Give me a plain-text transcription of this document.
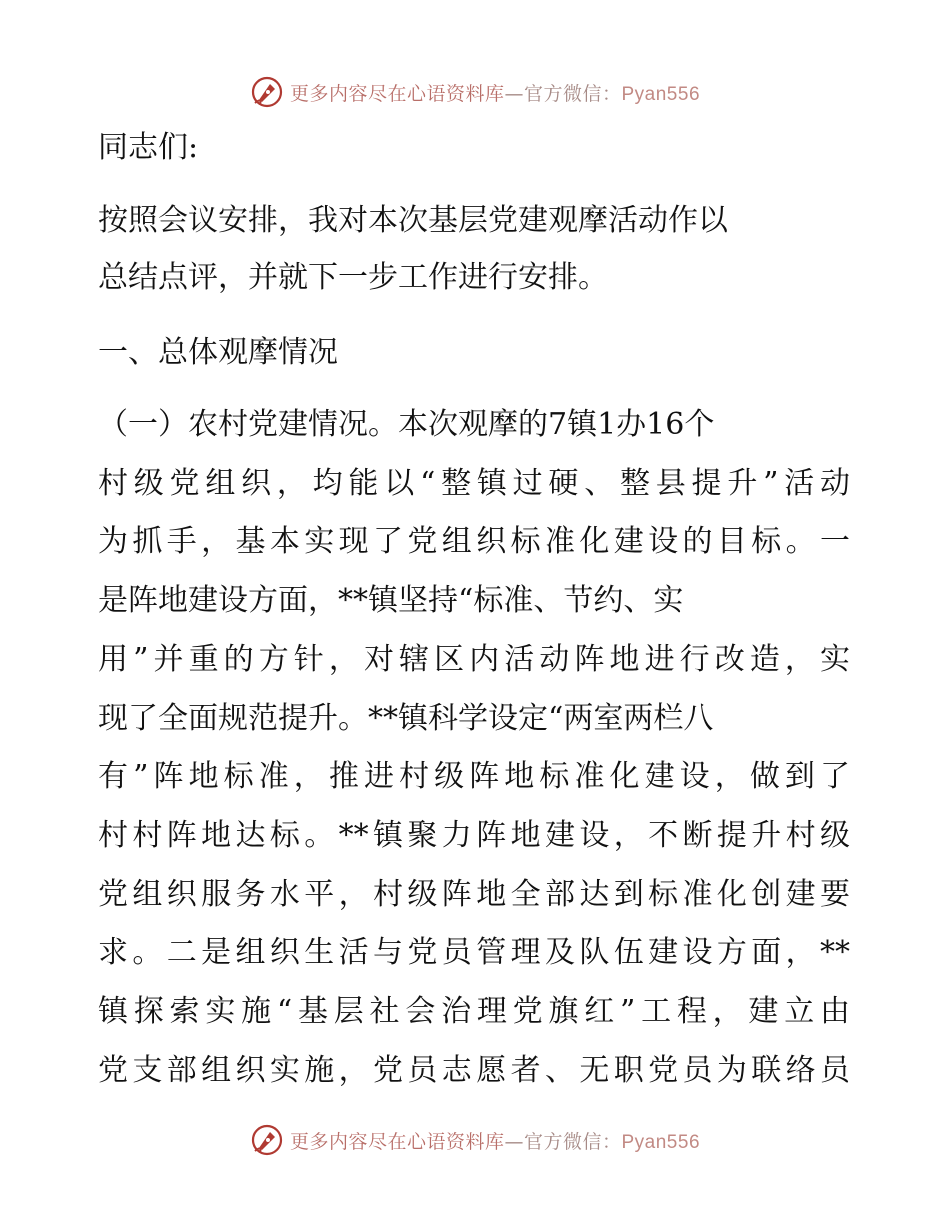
更多内容尽在心语资料库—官方微信：Pyan556
同志们:
按照会议安排，我对本次基层党建观摩活动作以
总结点评，并就下一步工作进行安排。
一、总体观摩情况
（一）农村党建情况。本次观摩的7镇1办16个
村级党组织，均能以“整镇过硬、整县提升”活动
为抓手，基本实现了党组织标准化建设的目标。一
是阵地建设方面，**镇坚持“标准、节约、实
用”并重的方针，对辖区内活动阵地进行改造，实
现了全面规范提升。**镇科学设定“两室两栏八
有”阵地标准，推进村级阵地标准化建设，做到了
村村阵地达标。**镇聚力阵地建设，不断提升村级
党组织服务水平，村级阵地全部达到标准化创建要
求。二是组织生活与党员管理及队伍建设方面，**
镇探索实施“基层社会治理党旗红”工程，建立由
党支部组织实施，党员志愿者、无职党员为联络员
更多内容尽在心语资料库—官方微信：Pyan556
